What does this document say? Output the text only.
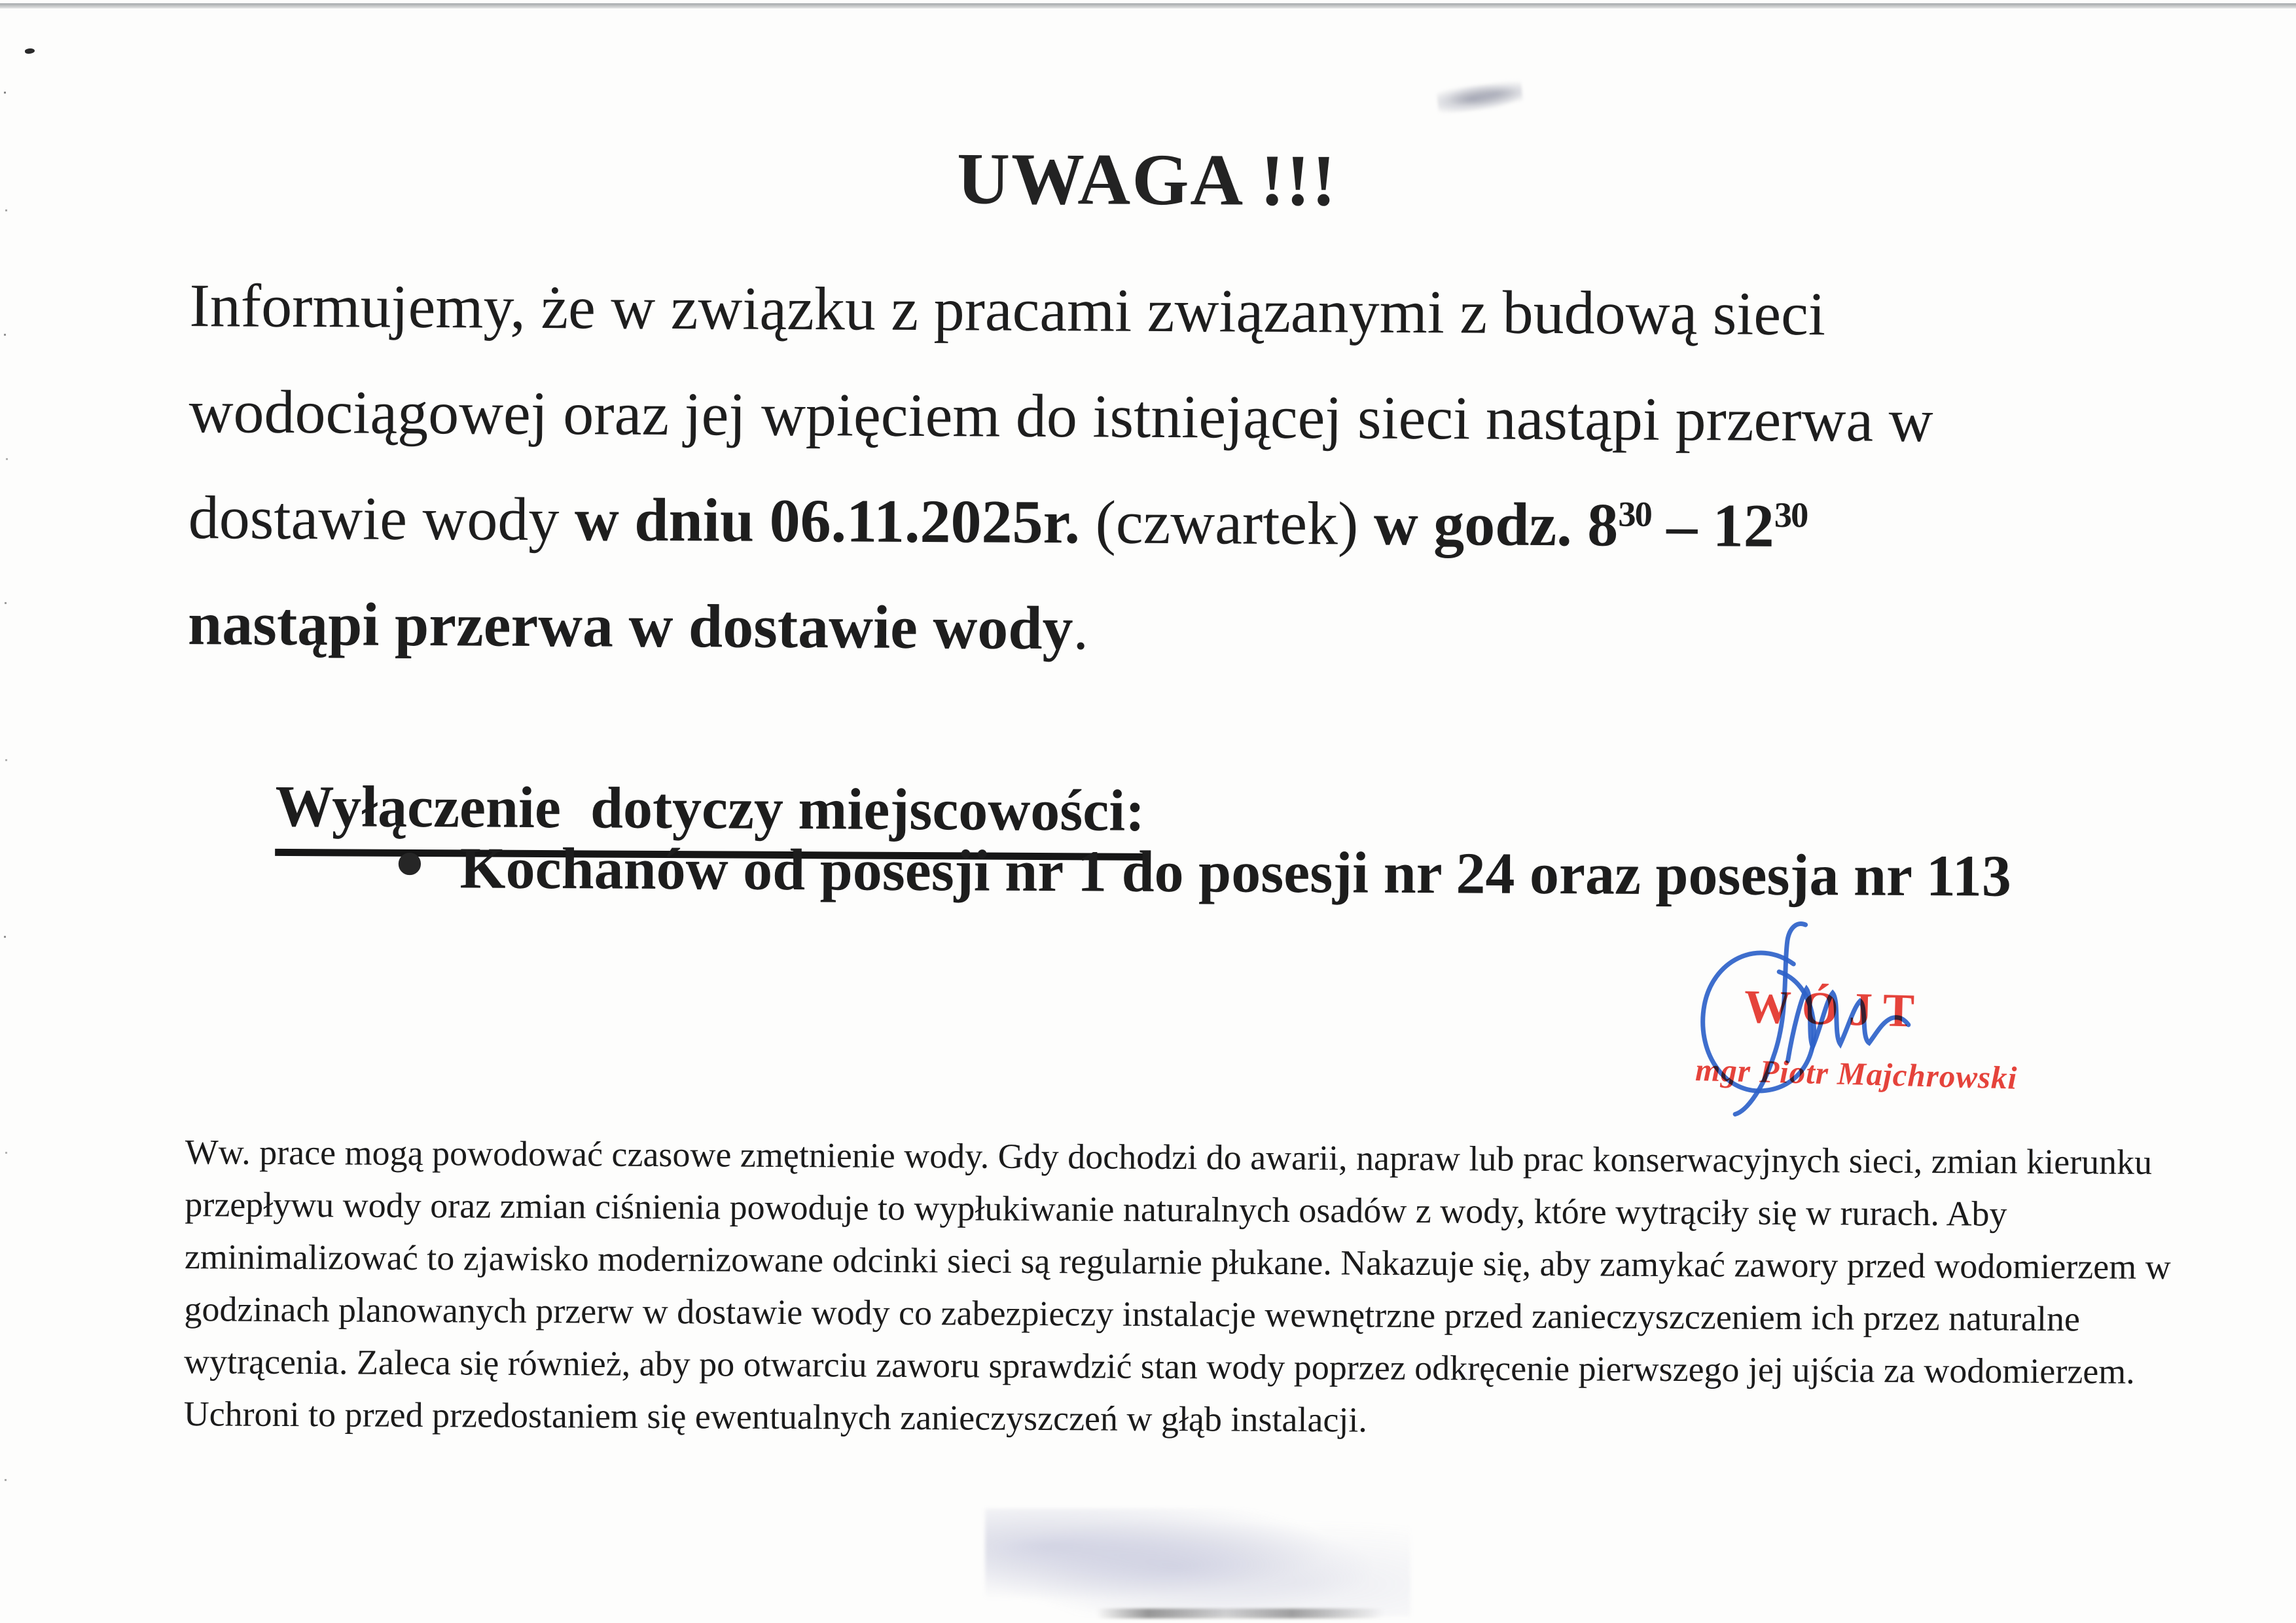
UWAGA !!!
Informujemy, że w związku z pracami związanymi z budową sieci
wodociągowej oraz jej wpięciem do istniejącej sieci nastąpi przerwa w
dostawie wody w dniu 06.11.2025r. (czwartek) w godz. $8^{30} - 12^{30}$
nastąpi przerwa w dostawie wody.

Wyłączenie  dotyczy miejscowości:

• Kochanów od posesji nr 1 do posesji nr 24 oraz posesja nr 113
WÓJT
mgr Piotr Majchrowski
Ww. prace mogą powodować czasowe zmętnienie wody. Gdy dochodzi do awarii, napraw lub prac konserwacyjnych sieci, zmian kierunku
przepływu wody oraz zmian ciśnienia powoduje to wypłukiwanie naturalnych osadów z wody, które wytrąciły się w rurach. Aby
zminimalizować to zjawisko modernizowane odcinki sieci są regularnie płukane. Nakazuje się, aby zamykać zawory przed wodomierzem w
godzinach planowanych przerw w dostawie wody co zabezpieczy instalacje wewnętrzne przed zanieczyszczeniem ich przez naturalne
wytrącenia. Zaleca się również, aby po otwarciu zaworu sprawdzić stan wody poprzez odkręcenie pierwszego jej ujścia za wodomierzem.
Uchroni to przed przedostaniem się ewentualnych zanieczyszczeń w głąb instalacji.
